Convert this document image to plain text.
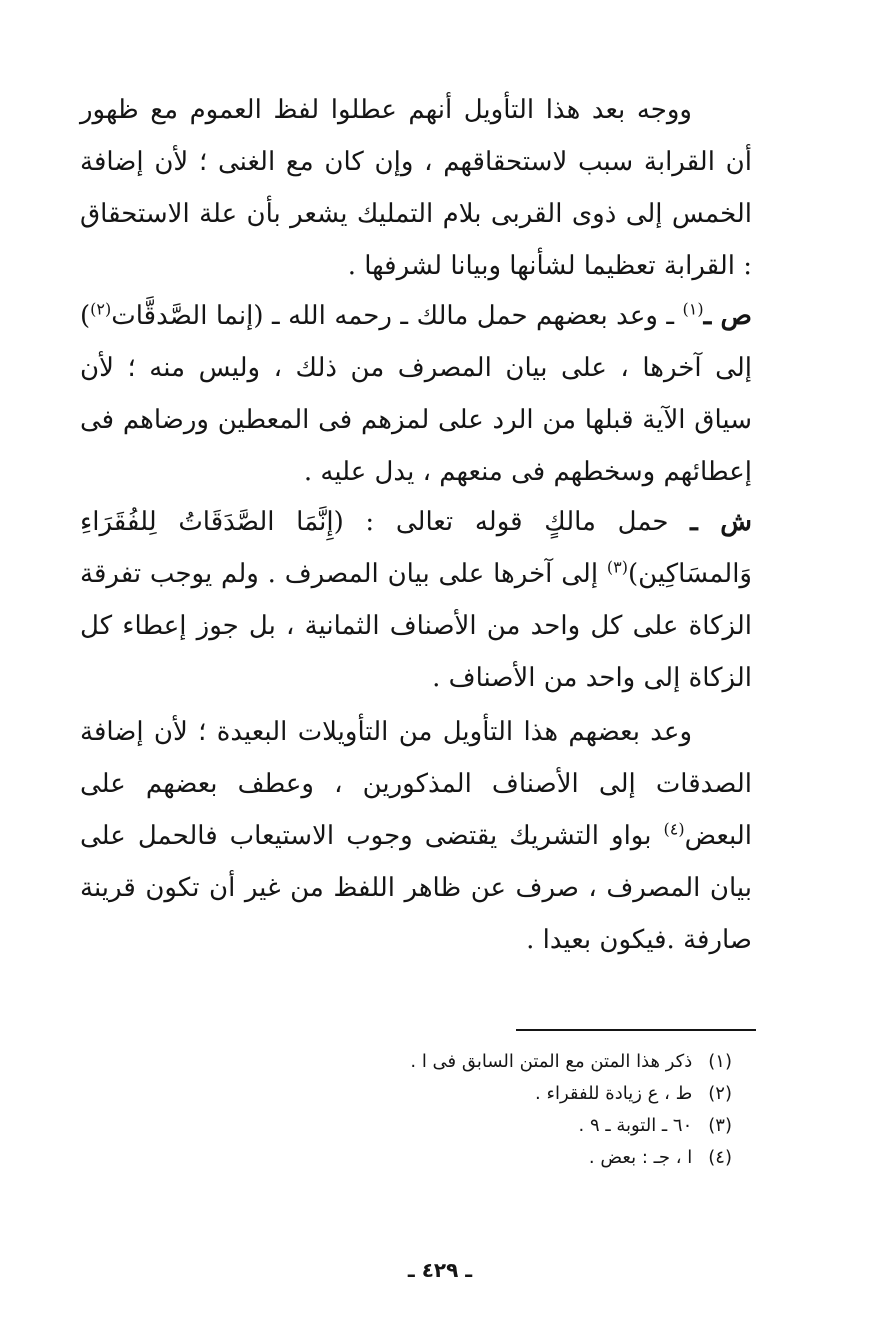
ووجه بعد هذا التأويل أنهم عطلوا لفظ العموم مع ظهور أن القرابة سبب لاستحقاقهم ، وإن كان مع الغنى ؛ لأن إضافة الخمس إلى ذوى القربى بلام التمليك يشعر بأن علة الاستحقاق : القرابة تعظيما لشأنها وبيانا لشرفها .

ص ـ$^{(١)}$ ـ وعد بعضهم حمل مالك ـ رحمه الله ـ (إنما الصَّدقَّات$^{(٢)}$) إلى آخرها ، على بيان المصرف من ذلك ، وليس منه ؛ لأن سياق الآية قبلها من الرد على لمزهم فى المعطين ورضاهم فى إعطائهم وسخطهم فى منعهم ، يدل عليه .

ش ـ حمل مالكٍ قوله تعالى : (إِنَّمَا الصَّدَقَاتُ لِلفُقَرَاءِ وَالمسَاكِين)$^{(٣)}$ إلى آخرها على بيان المصرف . ولم يوجب تفرقة الزكاة على كل واحد من الأصناف الثمانية ، بل جوز إعطاء كل الزكاة إلى واحد من الأصناف .

وعد بعضهم هذا التأويل من التأويلات البعيدة ؛ لأن إضافة الصدقات إلى الأصناف المذكورين ، وعطف بعضهم على البعض$^{(٤)}$ بواو التشريك يقتضى وجوب الاستيعاب فالحمل على بيان المصرف ، صرف عن ظاهر اللفظ من غير أن تكون قرينة صارفة .فيكون بعيدا .

(١) ذكر هذا المتن مع المتن السابق فى ا .
(٢) ط ، ع زيادة للفقراء .
(٣) ٦٠ ـ التوبة ـ ٩ .
(٤) ا ، جـ : بعض .
ـ ٤٢٩ ـ
